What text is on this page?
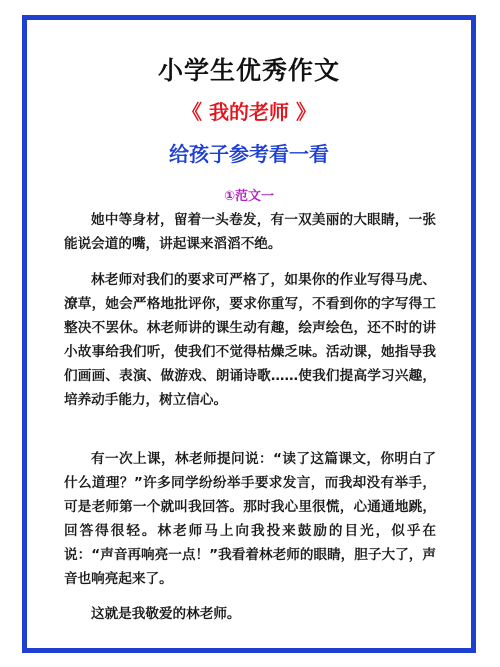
小学生优秀作文
《 我的老师 》
给孩子参考看一看
①范文一

她中等身材，留着一头卷发，有一双美丽的大眼睛，一张能说会道的嘴，讲起课来滔滔不绝。

林老师对我们的要求可严格了，如果你的作业写得马虎、潦草，她会严格地批评你，要求你重写，不看到你的字写得工整决不罢休。林老师讲的课生动有趣，绘声绘色，还不时的讲小故事给我们听，使我们不觉得枯燥乏味。活动课，她指导我们画画、表演、做游戏、朗诵诗歌……使我们提高学习兴趣，培养动手能力，树立信心。

有一次上课，林老师提问说：“读了这篇课文，你明白了什么道理？”许多同学纷纷举手要求发言，而我却没有举手，可是老师第一个就叫我回答。那时我心里很慌，心通通地跳，回答得很轻。林老师马上向我投来鼓励的目光，似乎在说：“声音再响亮一点！”我看着林老师的眼睛，胆子大了，声音也响亮起来了。

这就是我敬爱的林老师。
